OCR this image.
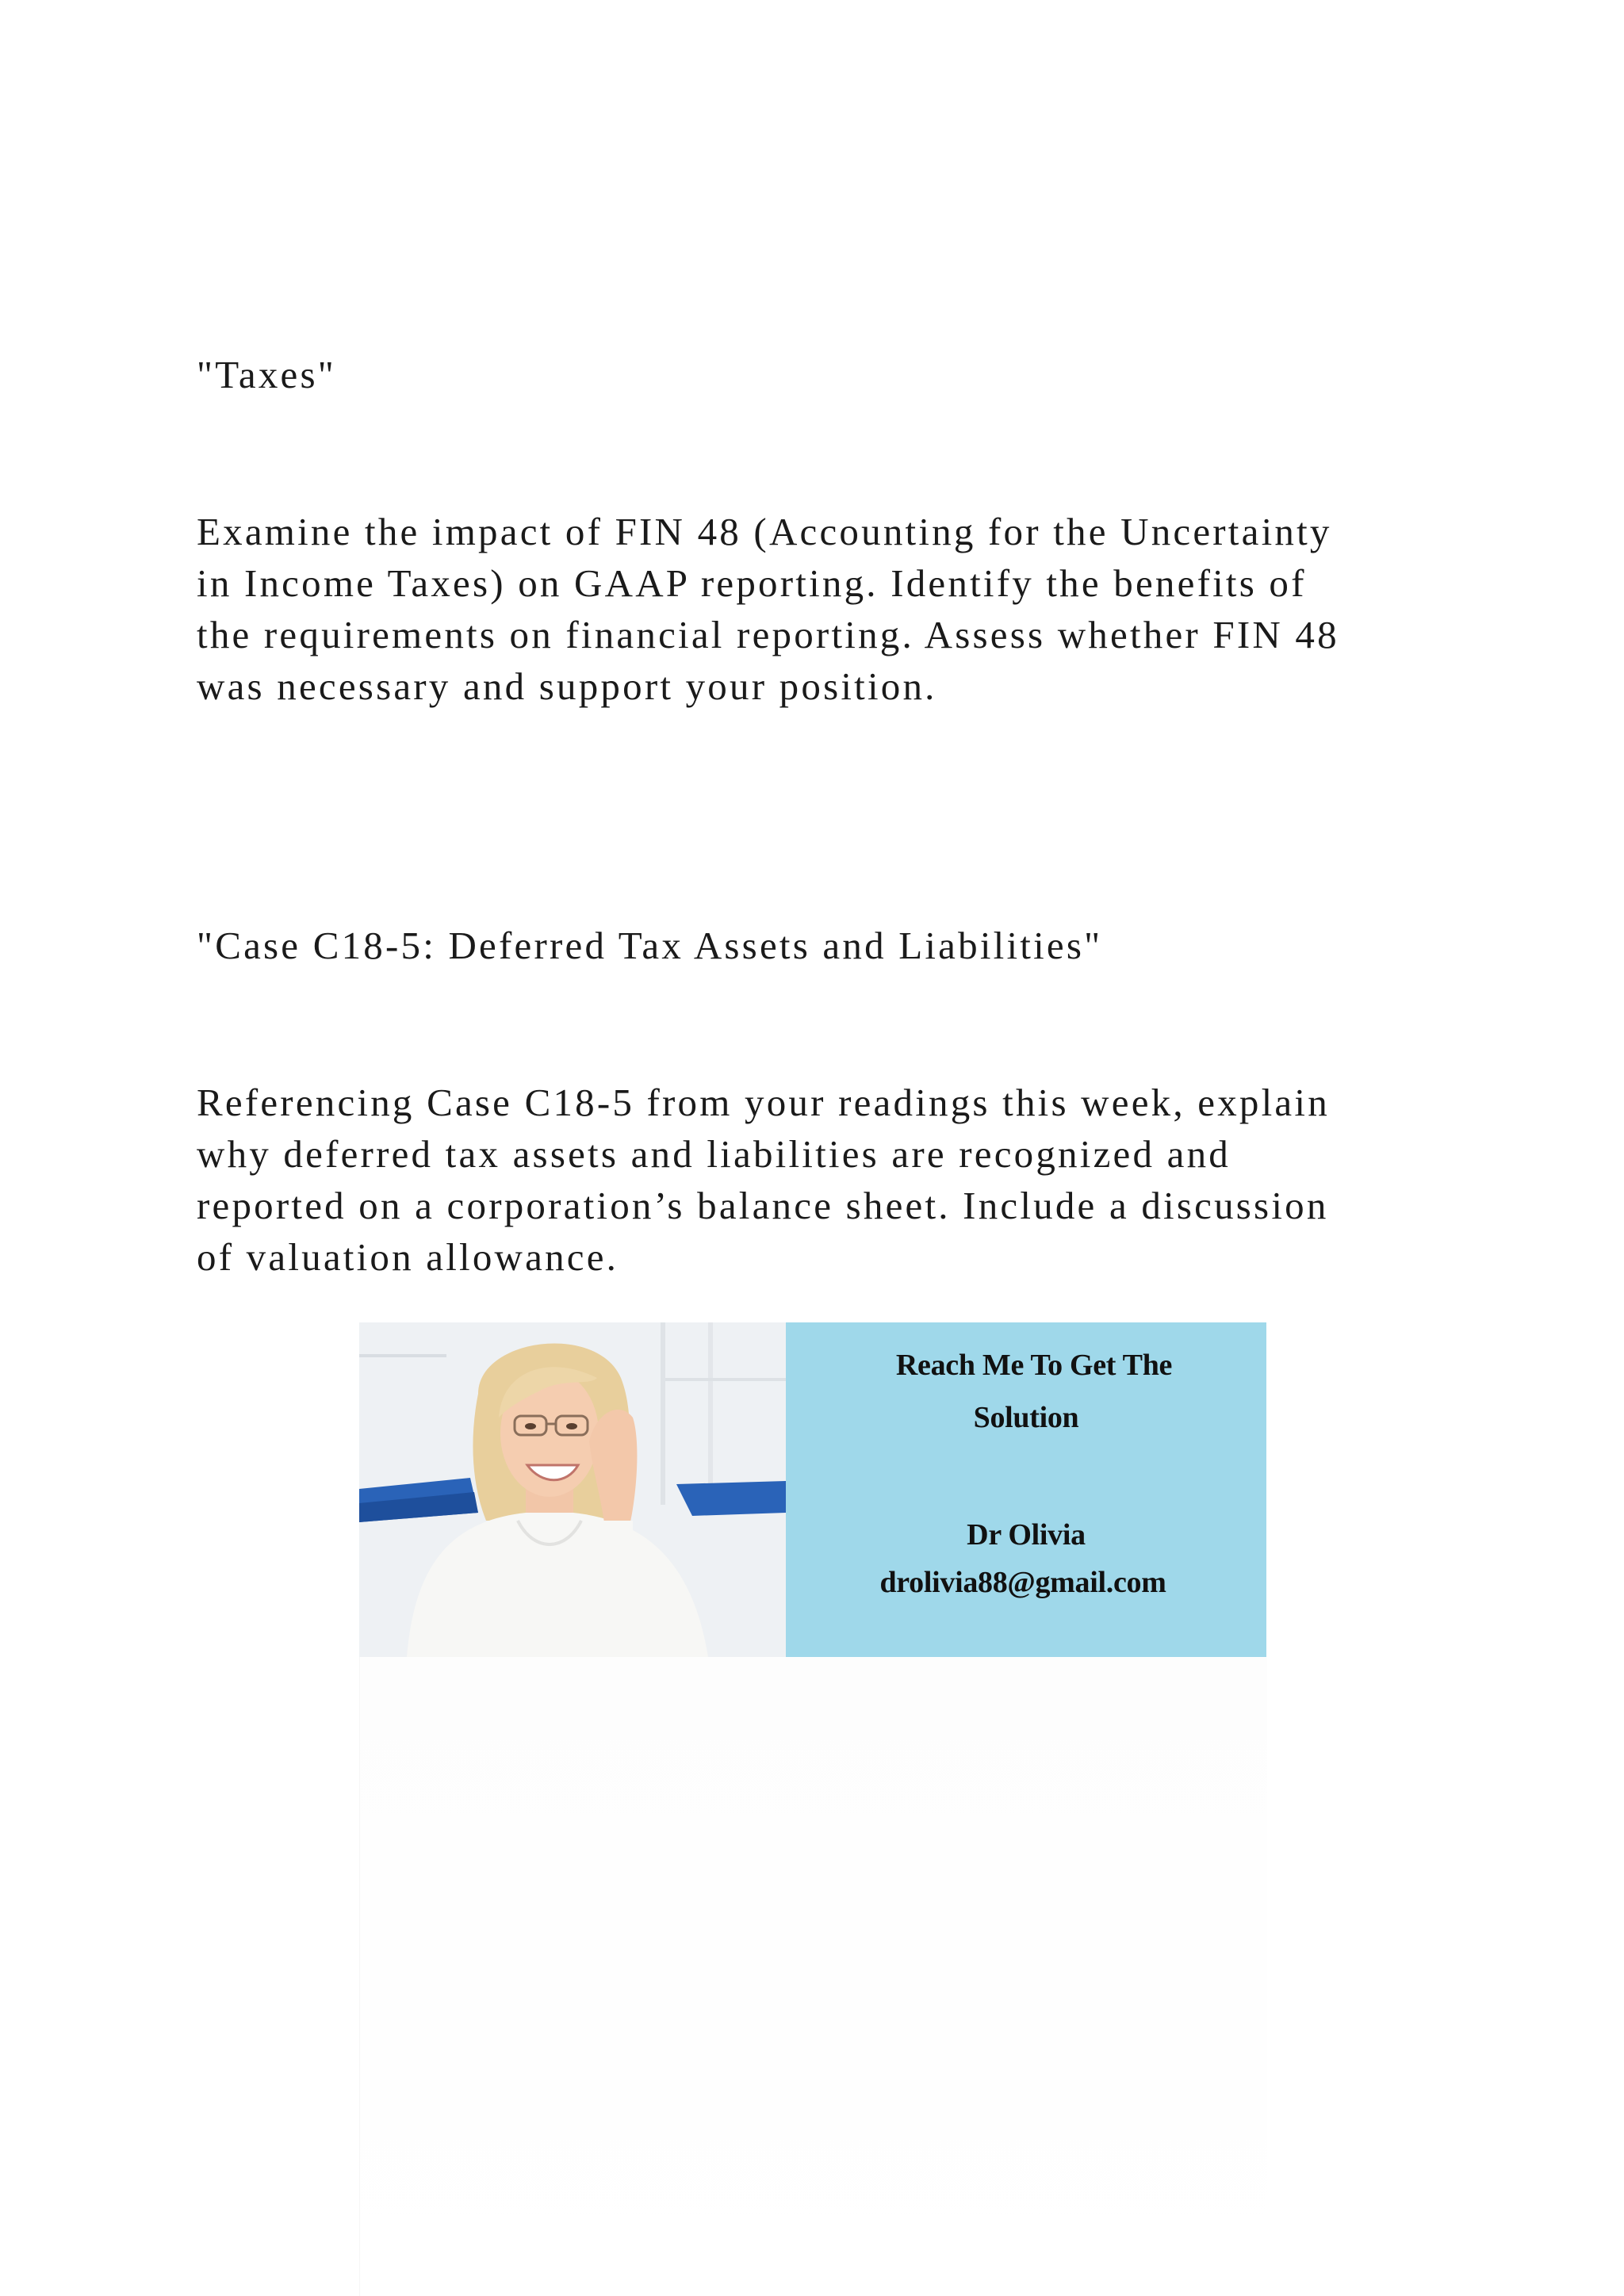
"Taxes"

Examine the impact of FIN 48 (Accounting for the Uncertainty
in Income Taxes) on GAAP reporting. Identify the benefits of
the requirements on financial reporting. Assess whether FIN 48
was necessary and support your position.

"Case C18-5: Deferred Tax Assets and Liabilities"

Referencing Case C18-5 from your readings this week, explain
why deferred tax assets and liabilities are recognized and
reported on a corporation’s balance sheet. Include a discussion
of valuation allowance.

Reach Me To Get The
Solution
Dr Olivia
drolivia88@gmail.com
